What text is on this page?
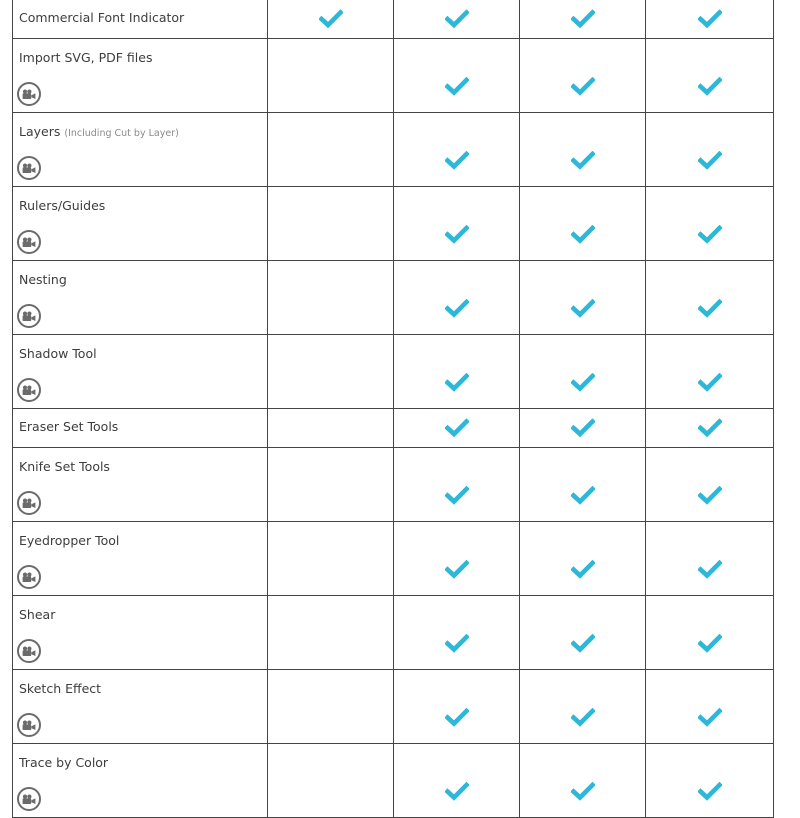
Commercial Font Indicator
Import SVG, PDF files
Layers (Including Cut by Layer)
Rulers/Guides
Nesting
Shadow Tool
Eraser Set Tools
Knife Set Tools
Eyedropper Tool
Shear
Sketch Effect
Trace by Color
